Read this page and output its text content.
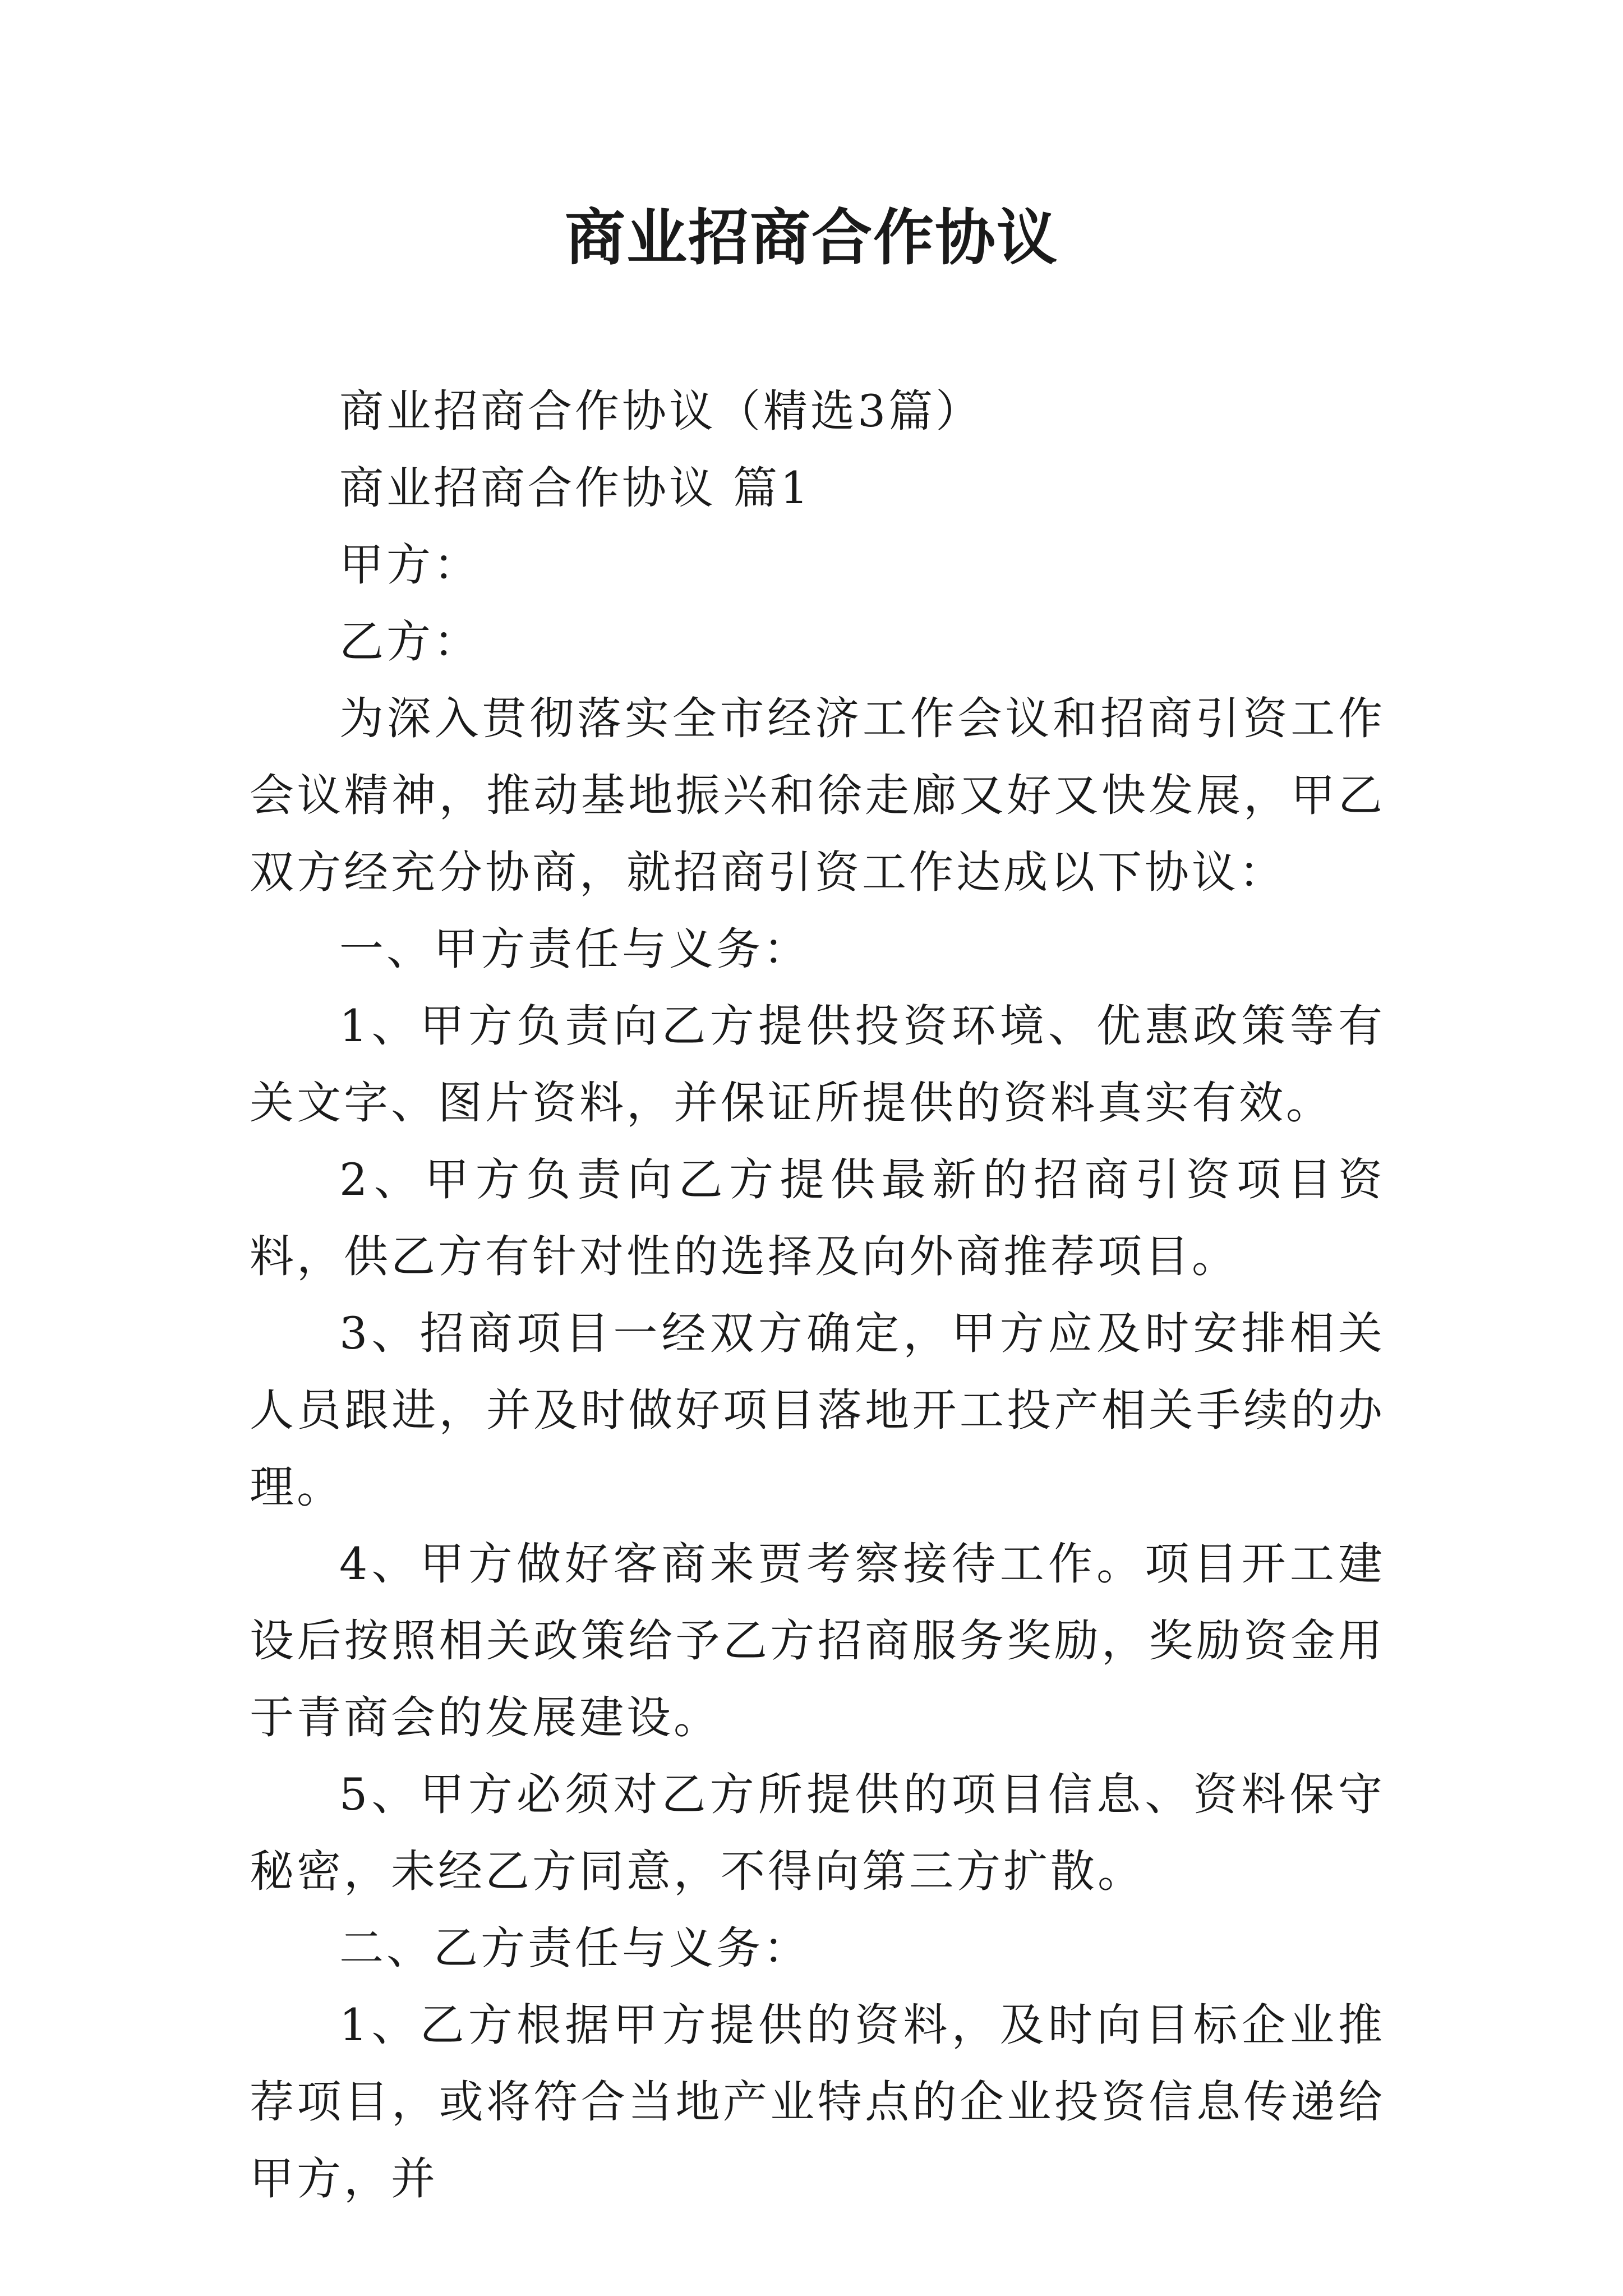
商业招商合作协议

商业招商合作协议（精选3篇）

商业招商合作协议 篇1

甲方：

乙方：

为深入贯彻落实全市经济工作会议和招商引资工作会议精神，推动基地振兴和徐走廊又好又快发展，甲乙双方经充分协商，就招商引资工作达成以下协议：

一、甲方责任与义务：

1、甲方负责向乙方提供投资环境、优惠政策等有关文字、图片资料，并保证所提供的资料真实有效。

2、甲方负责向乙方提供最新的招商引资项目资料，供乙方有针对性的选择及向外商推荐项目。

3、招商项目一经双方确定，甲方应及时安排相关人员跟进，并及时做好项目落地开工投产相关手续的办理。

4、甲方做好客商来贾考察接待工作。项目开工建设后按照相关政策给予乙方招商服务奖励，奖励资金用于青商会的发展建设。

5、甲方必须对乙方所提供的项目信息、资料保守秘密，未经乙方同意，不得向第三方扩散。

二、乙方责任与义务：

1、乙方根据甲方提供的资料，及时向目标企业推荐项目，或将符合当地产业特点的企业投资信息传递给甲方，并
